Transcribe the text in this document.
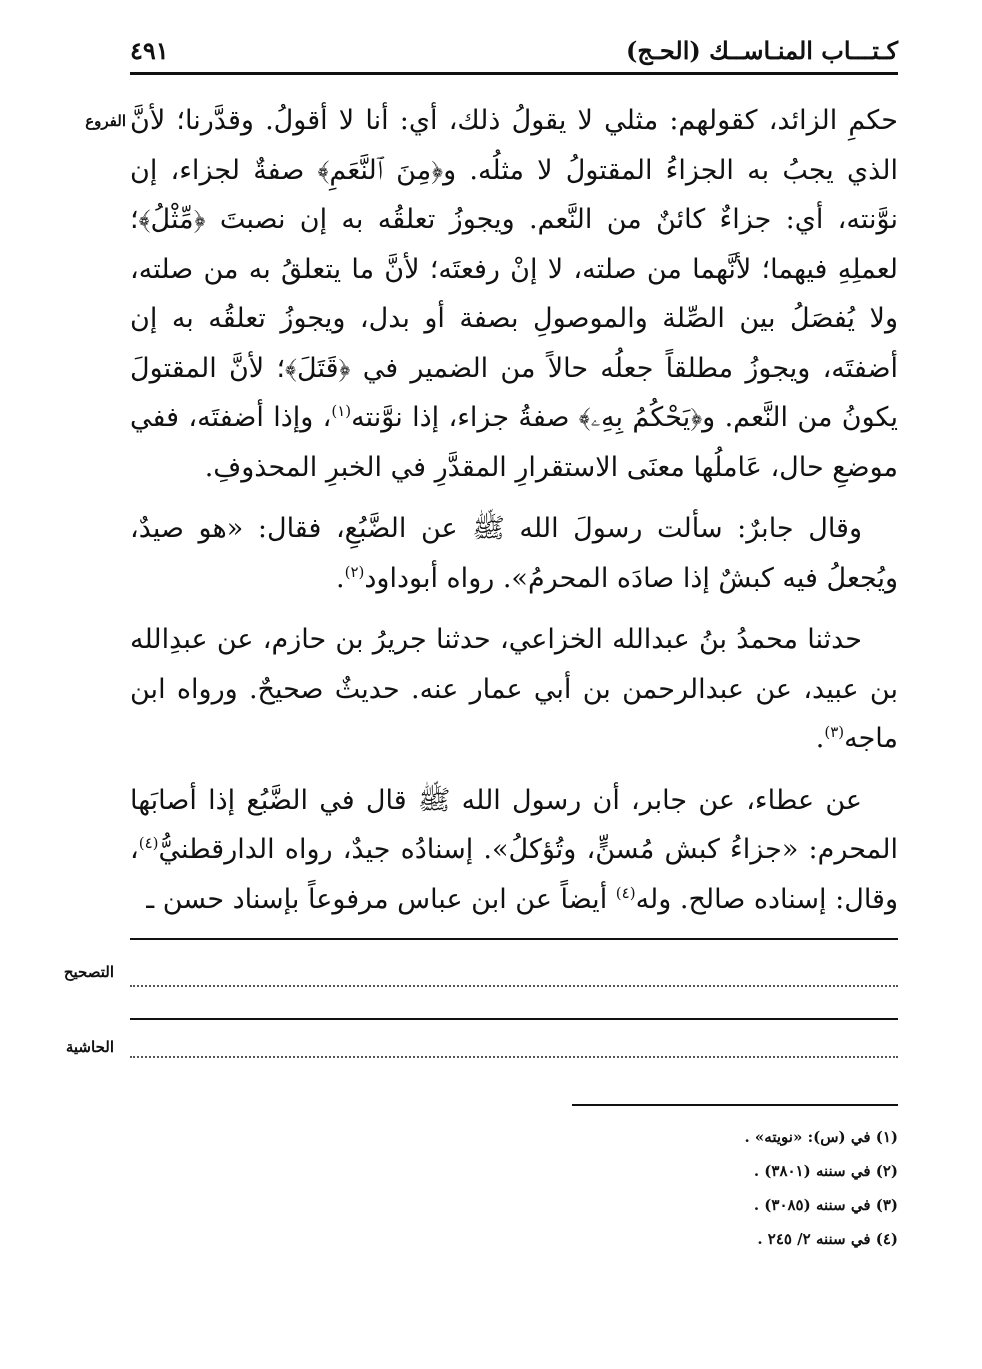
كـتـــاب المنـاســك (الحـج)
٤٩١
الفروع حكمِ الزائد، كقولهم: مثلي لا يقولُ ذلك، أي: أنا لا أقولُ. وقدَّرنا؛ لأنَّ الذي يجبُ به الجزاءُ المقتولُ لا مثلُه. و﴿مِنَ ٱلنَّعَمِ﴾ صفةٌ لجزاء، إن نوَّنته، أي: جزاءٌ كائنٌ من النَّعم. ويجوزُ تعلقُه به إن نصبتَ ﴿مِّثْلُ﴾؛ لعملِهِ فيهما؛ لأنَّهما من صلته، لا إنْ رفعتَه؛ لأنَّ ما يتعلقُ به من صلته، ولا يُفصَلُ بين الصِّلة والموصولِ بصفة أو بدل، ويجوزُ تعلقُه به إن أضفتَه، ويجوزُ مطلقاً جعلُه حالاً من الضمير في ﴿قَتَلَ﴾؛ لأنَّ المقتولَ يكونُ من النَّعم. و﴿يَحْكُمُ بِهِۦ﴾ صفةُ جزاء، إذا نوَّنته$^{(١)}$، وإذا أضفتَه، ففي موضعِ حال، عَاملُها معنَى الاستقرارِ المقدَّرِ في الخبرِ المحذوفِ.

وقال جابرٌ: سألت رسولَ الله ﷺ عن الضَّبُعِ، فقال: «هو صيدٌ، ويُجعلُ فيه كبشٌ إذا صادَه المحرمُ». رواه أبوداود$^{(٢)}$.

حدثنا محمدُ بنُ عبدالله الخزاعي، حدثنا جريرُ بن حازم، عن عبدِالله بن عبيد، عن عبدالرحمن بن أبي عمار عنه. حديثٌ صحيحٌ. ورواه ابن ماجه$^{(٣)}$.

عن عطاء، عن جابر، أن رسول الله ﷺ قال في الضَّبُع إذا أصابَها المحرم: «جزاءُ كبش مُسنٍّ، وتُؤكلُ». إسنادُه جيدٌ، رواه الدارقطنيُّ$^{(٤)}$، وقال: إسناده صالح. وله$^{(٤)}$ أيضاً عن ابن عباس مرفوعاً بإسناد حسن ـ

التصحيح
الحاشية
(١) في (س): «نويته» .
(٢) في سننه (٣٨٠١) .
(٣) في سننه (٣٠٨٥) .
(٤) في سننه ٢/ ٢٤٥ .
